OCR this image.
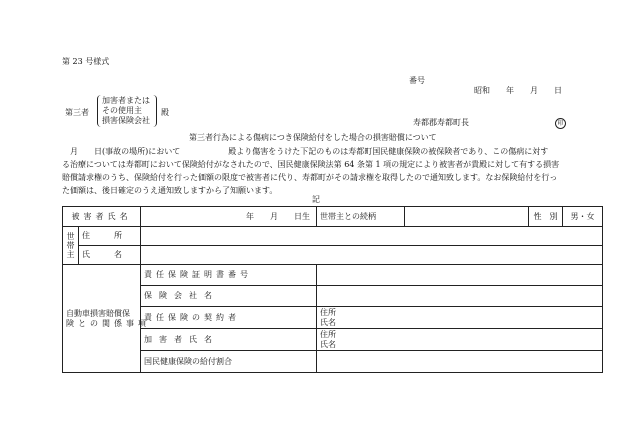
第 23 号様式
番号
昭和　　年　　月　　日
第三者
加害者または
その使用主
損害保険会社
殿
寿都郡寿都町長	印
第三者行為による傷病につき保険給付をした場合の損害賠償について
　月　　日(事故の場所)において　　　　　　殿より傷害をうけた下記のものは寿都町国民健康保険の被保険者であり、この傷病に対す
る治療については寿都町において保険給付がなされたので、国民健康保険法第 64 条第 1 項の規定により被害者が貴殿に対して有する損害
賠償請求権のうち、保険給付を行った価額の限度で被害者に代り、寿都町がその請求権を取得したので通知致します。なお保険給付を行っ
た価額は、後日確定のうえ通知致しますから了知願います。
記
被害者氏名		年　　月　　日生	世帯主との続柄		性　別	男・女

世
帯
主	住　　　所					
	氏　　　名					

自動車損害賠償保
険との関係事項		責任保険証明書番号				
		保険会社名				
		責任保険の契約者	住所
氏名			

		加害者氏名	住所
氏名			

		国民健康保険の給付割合				
